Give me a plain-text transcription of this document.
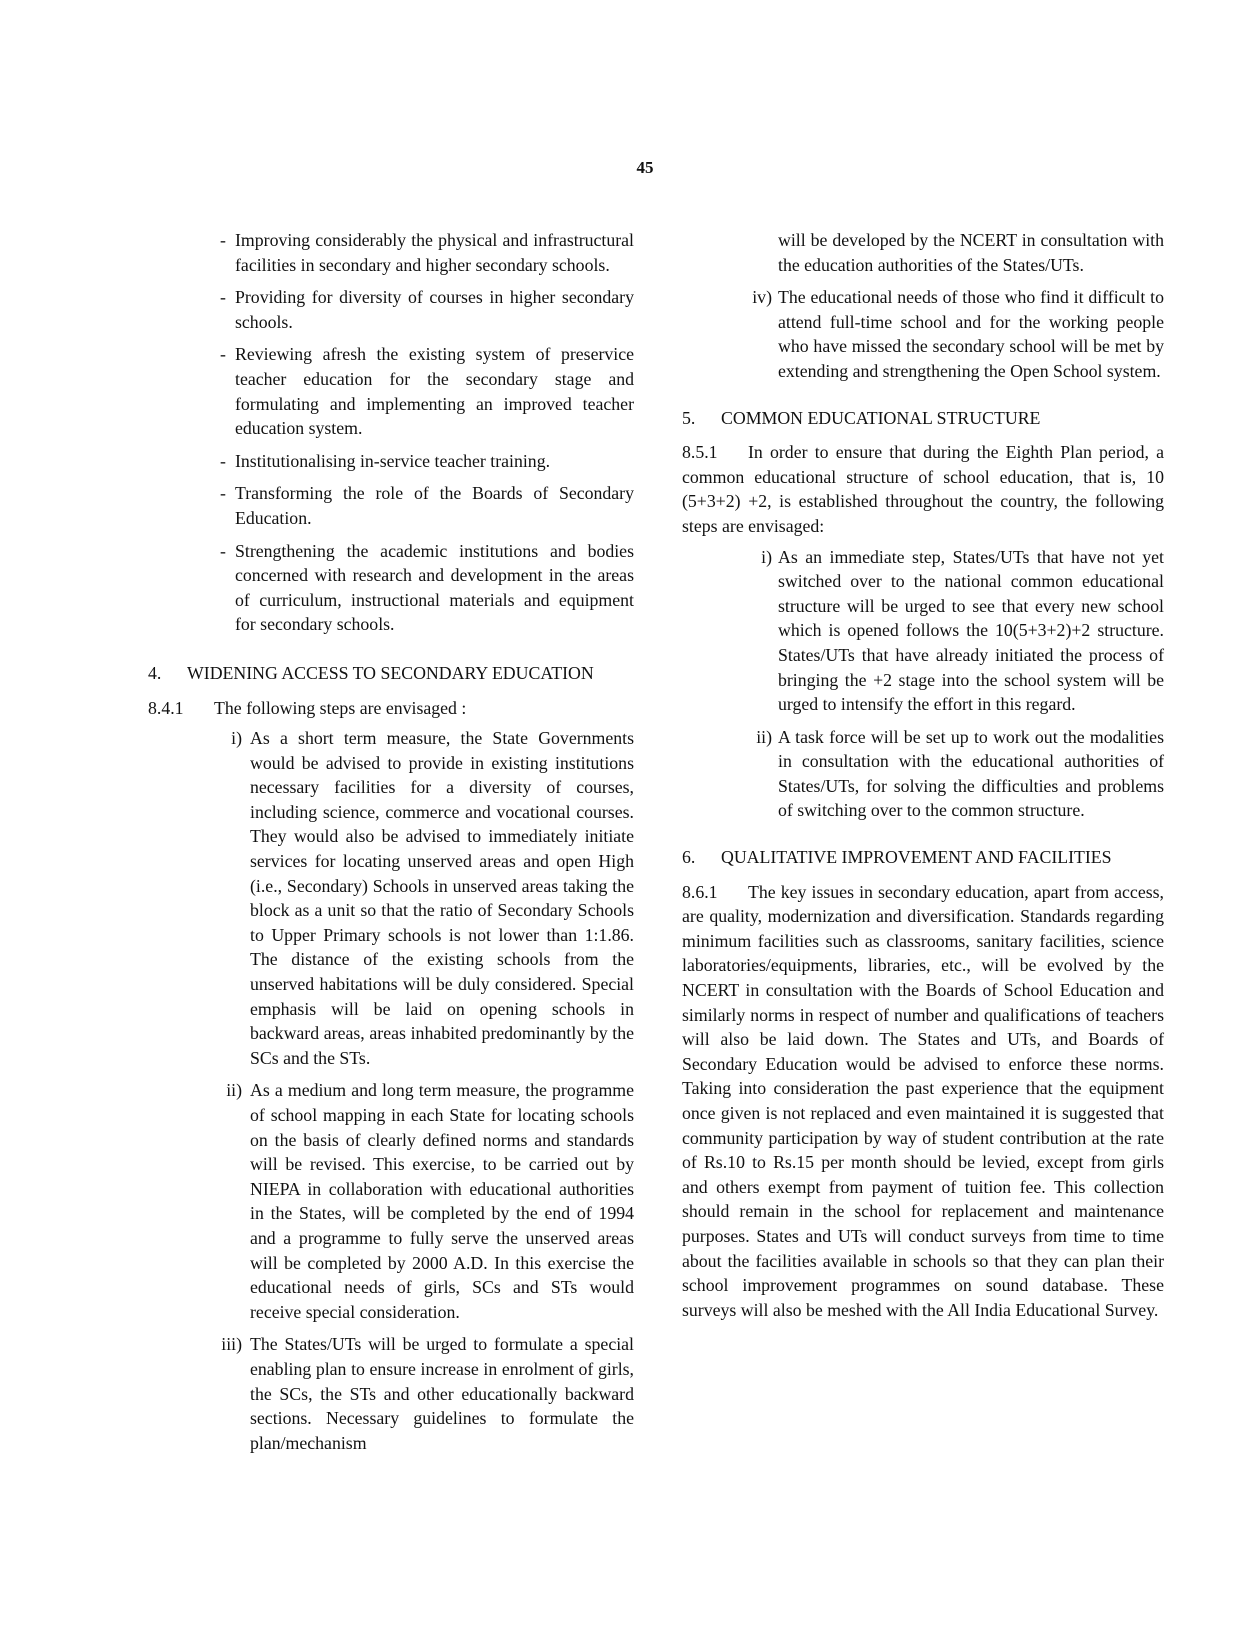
45
- Improving considerably the physical and infrastructural facilities in secondary and higher secondary schools.
- Providing for diversity of courses in higher secondary schools.
- Reviewing afresh the existing system of preservice teacher education for the secondary stage and formulating and implementing an improved teacher education system.
- Institutionalising in-service teacher training.
- Transforming the role of the Boards of Secondary Education.
- Strengthening the academic institutions and bodies concerned with research and development in the areas of curriculum, instructional materials and equipment for secondary schools.
4. WIDENING ACCESS TO SECONDARY EDUCATION
8.4.1 The following steps are envisaged :
i) As a short term measure, the State Governments would be advised to provide in existing institutions necessary facilities for a diversity of courses, including science, commerce and vocational courses. They would also be advised to immediately initiate services for locating unserved areas and open High (i.e., Secondary) Schools in unserved areas taking the block as a unit so that the ratio of Secondary Schools to Upper Primary schools is not lower than 1:1.86. The distance of the existing schools from the unserved habitations will be duly considered. Special emphasis will be laid on opening schools in backward areas, areas inhabited predominantly by the SCs and the STs.
ii) As a medium and long term measure, the programme of school mapping in each State for locating schools on the basis of clearly defined norms and standards will be revised. This exercise, to be carried out by NIEPA in collaboration with educational authorities in the States, will be completed by the end of 1994 and a programme to fully serve the unserved areas will be completed by 2000 A.D. In this exercise the educational needs of girls, SCs and STs would receive special consideration.
iii) The States/UTs will be urged to formulate a special enabling plan to ensure increase in enrolment of girls, the SCs, the STs and other educationally backward sections. Necessary guidelines to formulate the plan/mechanism
will be developed by the NCERT in consultation with the education authorities of the States/UTs.
iv) The educational needs of those who find it difficult to attend full-time school and for the working people who have missed the secondary school will be met by extending and strengthening the Open School system.
5. COMMON EDUCATIONAL STRUCTURE
8.5.1 In order to ensure that during the Eighth Plan period, a common educational structure of school education, that is, 10 (5+3+2) +2, is established throughout the country, the following steps are envisaged:
i) As an immediate step, States/UTs that have not yet switched over to the national common educational structure will be urged to see that every new school which is opened follows the 10(5+3+2)+2 structure. States/UTs that have already initiated the process of bringing the +2 stage into the school system will be urged to intensify the effort in this regard.
ii) A task force will be set up to work out the modalities in consultation with the educational authorities of States/UTs, for solving the difficulties and problems of switching over to the common structure.
6. QUALITATIVE IMPROVEMENT AND FACILITIES
8.6.1 The key issues in secondary education, apart from access, are quality, modernization and diversification. Standards regarding minimum facilities such as classrooms, sanitary facilities, science laboratories/equipments, libraries, etc., will be evolved by the NCERT in consultation with the Boards of School Education and similarly norms in respect of number and qualifications of teachers will also be laid down. The States and UTs, and Boards of Secondary Education would be advised to enforce these norms. Taking into consideration the past experience that the equipment once given is not replaced and even maintained it is suggested that community participation by way of student contribution at the rate of Rs.10 to Rs.15 per month should be levied, except from girls and others exempt from payment of tuition fee. This collection should remain in the school for replacement and maintenance purposes. States and UTs will conduct surveys from time to time about the facilities available in schools so that they can plan their school improvement programmes on sound database. These surveys will also be meshed with the All India Educational Survey.
